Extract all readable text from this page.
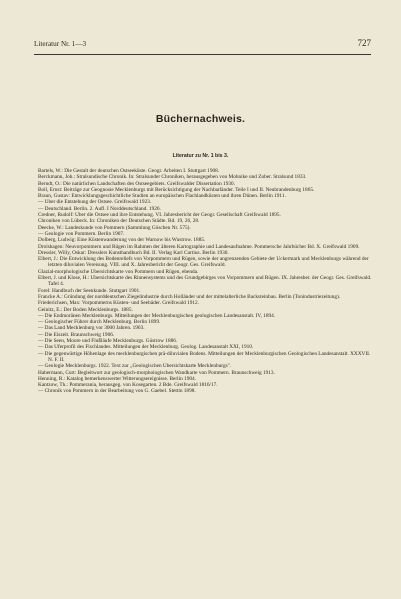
Literatur Nr. 1—3	727
Büchernachweis.
Literatur zu Nr. 1 bis 3.
Bartels, W.: Die Gestalt der deutschen Ostseeküste. Geogr. Arbeiten I. Stuttgart 1908.
Berckmann, Joh.: Stralsundische Chronik. In: Stralsunder Chroniken, herausgegeben von Mohnike und Zober. Stralsund 1833.
Berndt, O.: Die natürlichen Landschaften des Ostseegebiets. Greifswalder Dissertation 1930.
Boll, Ernst: Beiträge zur Geognosie Mecklenburgs mit Berücksichtigung der Nachbarländer. Teile I und II. Neubrandenburg 1865.
Braun, Gustav: Entwicklungsgeschichtliche Studien an europäischen Flachlandküsten und ihren Dünen. Berlin 1911.
— Über die Entstehung der Ostsee. Greifswald 1923.
— Deutschland. Berlin. 2. Aufl. I Norddeutschland. 1926.
Credner, Rudolf: Über die Ostsee und ihre Entstehung. VI. Jahresbericht der Geogr. Gesellschaft Greifswald 1895.
Chroniken von Lübeck. In: Chroniken der Deutschen Städte. Bd. 19, 26, 28.
Deecke, W.: Landeskunde von Pommern (Sammlung Göschen Nr. 575).
— Geologie von Pommern. Berlin 1907.
Dolberg, Ludwig: Eine Küstenwanderung von der Warnow bis Wustrow. 1885.
Drolshagen: Neuvorpommern und Rügen im Rahmen der älteren Kartographie und Landesaufnahme. Pommersche Jahrbücher Bd. X. Greifswald 1909.
Dressler, Willy, Oskar: Dresslers Kunsthandbuch Bd. II. Verlag Karl Curtius. Berlin 1930.
Elbert, J.: Die Entwicklung des Bodenreliefs von Vorpommern und Rügen, sowie der angrenzenden Gebiete der Uckermark und Mecklenburgs während der letzten diluvialen Vereisung. VIII. und X. Jahresbericht der Geogr. Ges. Greifswald.
Glazial-morphologische Übersichtskarte von Pommern und Rügen, ebenda.
Elbert, J. und Klose, H.: Übersichtskarte des Rinnensystems und des Grundgebirges von Vorpommern und Rügen. IX. Jahresber. der Geogr. Ges. Greifswald. Tafel 4.
Forel: Handbuch der Seenkunde. Stuttgart 1901.
Francke A.: Gründung der norddeutschen Ziegelindustrie durch Holländer und der mittelalterliche Backsteinbau. Berlin (Tonindustriezeitung).
Friederichsen, Max: Vorpommerns Küsten- und Seebäder. Greifswald 1912.
Geinitz, E.: Der Boden Mecklenburgs. 1885.
— Die Endmoränen Mecklenburgs. Mitteilungen der Mecklenburgischen geologischen Landesanstalt. IV, 1894.
— Geologischer Führer durch Mecklenburg. Berlin 1899.
— Das Land Mecklenburg vor 3000 Jahren. 1903.
— Die Eiszeit. Braunschweig 1906.
— Die Seen, Moore und Flußläufe Mecklenburgs. Güstrow 1886.
— Das Uferprofil des Fischlandes. Mitteilungen der Mecklenburg. Geolog. Landesanstalt XXI, 1910.
— Die gegenwärtige Höhenlage des mecklenburgischen prä-diluvialen Bodens. Mitteilungen der Mecklenburgischen Geologischen Landesanstalt. XXXVII. N. F. II.
— Geologie Mecklenburgs. 1922. Text zur „Geologischen Übersichtskarte Mecklenburgs".
Habermann, Curt: Begleitwort zur geologisch-morphologischen Wandkarte von Pommern. Braunschweig 1913.
Henning, R.: Katalog bemerkenswerter Witterungsereignisse. Berlin 1904.
Kantzow, Th.: Pommerania, herausgeg. von Kosegarten. 2 Bde. Greifswald 1816/17.
— Chronik von Pommern in der Bearbeitung von G. Gaebel. Stettin 1898.
